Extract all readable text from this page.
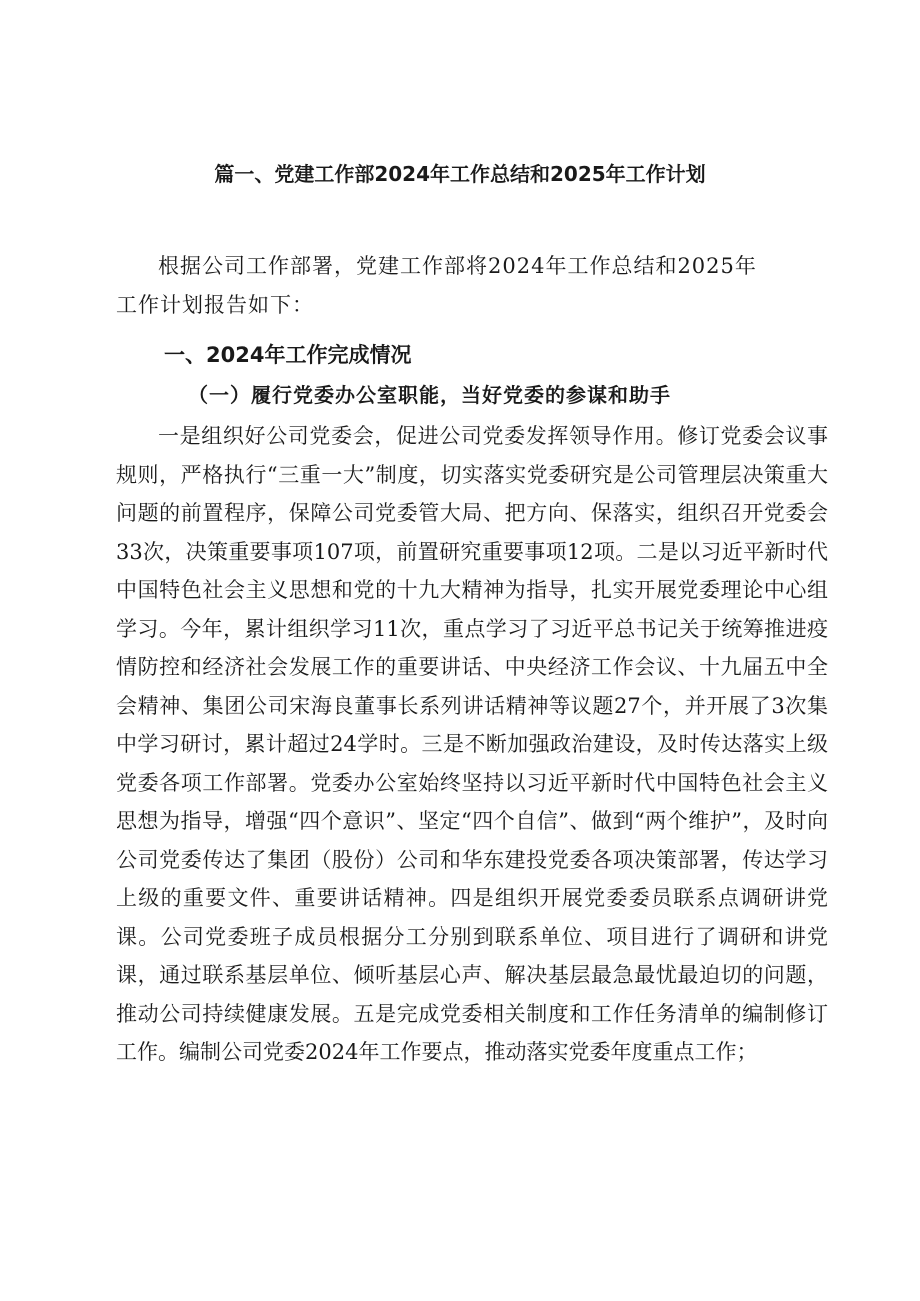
篇一、党建工作部2024年工作总结和2025年工作计划

根据公司工作部署，党建工作部将2024年工作总结和2025年工作计划报告如下：

一、2024年工作完成情况
（一）履行党委办公室职能，当好党委的参谋和助手

一是组织好公司党委会，促进公司党委发挥领导作用。修订党委会议事规则，严格执行“三重一大”制度，切实落实党委研究是公司管理层决策重大问题的前置程序，保障公司党委管大局、把方向、保落实，组织召开党委会33次，决策重要事项107项，前置研究重要事项12项。二是以习近平新时代中国特色社会主义思想和党的十九大精神为指导，扎实开展党委理论中心组学习。今年，累计组织学习11次，重点学习了习近平总书记关于统筹推进疫情防控和经济社会发展工作的重要讲话、中央经济工作会议、十九届五中全会精神、集团公司宋海良董事长系列讲话精神等议题27个，并开展了3次集中学习研讨，累计超过24学时。三是不断加强政治建设，及时传达落实上级党委各项工作部署。党委办公室始终坚持以习近平新时代中国特色社会主义思想为指导，增强“四个意识”、坚定“四个自信”、做到“两个维护”，及时向公司党委传达了集团（股份）公司和华东建投党委各项决策部署，传达学习上级的重要文件、重要讲话精神。四是组织开展党委委员联系点调研讲党课。公司党委班子成员根据分工分别到联系单位、项目进行了调研和讲党课，通过联系基层单位、倾听基层心声、解决基层最急最忧最迫切的问题，推动公司持续健康发展。五是完成党委相关制度和工作任务清单的编制修订工作。编制公司党委2024年工作要点，推动落实党委年度重点工作；
